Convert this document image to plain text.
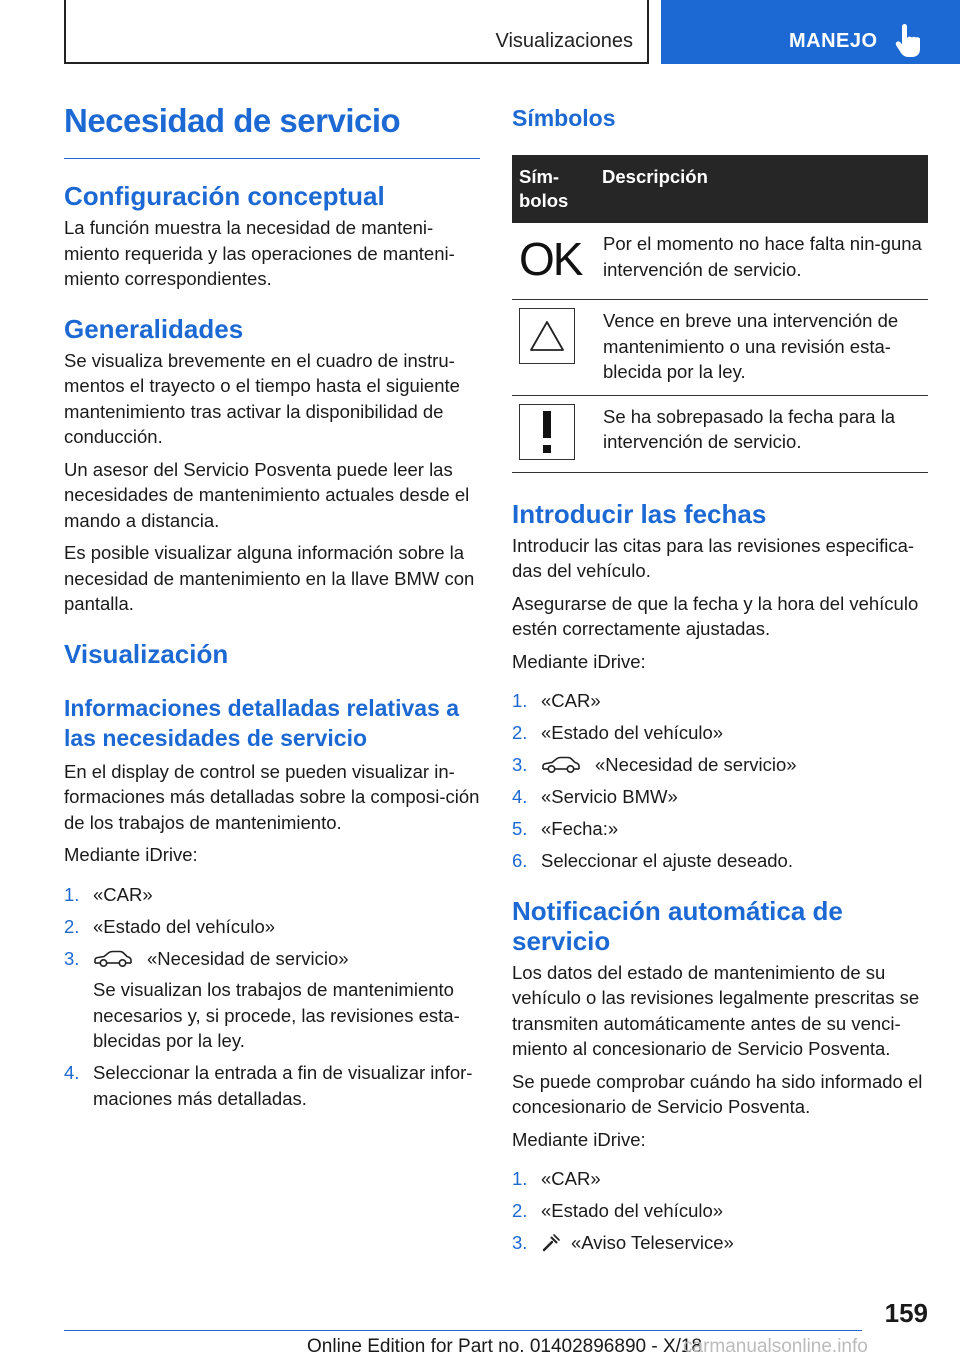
Visualizaciones	MANEJO
Necesidad de servicio
Configuración conceptual

La función muestra la necesidad de manteni-miento requerida y las operaciones de manteni-miento correspondientes.

Generalidades

Se visualiza brevemente en el cuadro de instru-mentos el trayecto o el tiempo hasta el siguiente mantenimiento tras activar la disponibilidad de conducción.

Un asesor del Servicio Posventa puede leer las necesidades de mantenimiento actuales desde el mando a distancia.

Es posible visualizar alguna información sobre la necesidad de mantenimiento en la llave BMW con pantalla.

Visualización
Informaciones detalladas relativas a las necesidades de servicio

En el display de control se pueden visualizar in-formaciones más detalladas sobre la composi-ción de los trabajos de mantenimiento.

Mediante iDrive:

1. «CAR»
2. «Estado del vehículo»
3.	«Necesidad de servicio»
Se visualizan los trabajos de mantenimiento necesarios y, si procede, las revisiones esta-blecidas por la ley.
4. Seleccionar la entrada a fin de visualizar infor-maciones más detalladas.
Símbolos
Sím-bolos	Descripción

OK	Por el momento no hace falta nin-guna intervención de servicio.

	Vence en breve una intervención de mantenimiento o una revisión esta-blecida por la ley.

	Se ha sobrepasado la fecha para la intervención de servicio.
Introducir las fechas

Introducir las citas para las revisiones especifica-das del vehículo.

Asegurarse de que la fecha y la hora del vehículo estén correctamente ajustadas.

Mediante iDrive:

1. «CAR»
2. «Estado del vehículo»
3.	«Necesidad de servicio»
4. «Servicio BMW»
5. «Fecha:»
6. Seleccionar el ajuste deseado.
Notificación automática de servicio

Los datos del estado de mantenimiento de su vehículo o las revisiones legalmente prescritas se transmiten automáticamente antes de su venci-miento al concesionario de Servicio Posventa.

Se puede comprobar cuándo ha sido informado el concesionario de Servicio Posventa.

Mediante iDrive:

1. «CAR»
2. «Estado del vehículo»
3. «Aviso Teleservice»
159
Online Edition for Part no. 01402896890 - X/18
carmanualsonline.info
